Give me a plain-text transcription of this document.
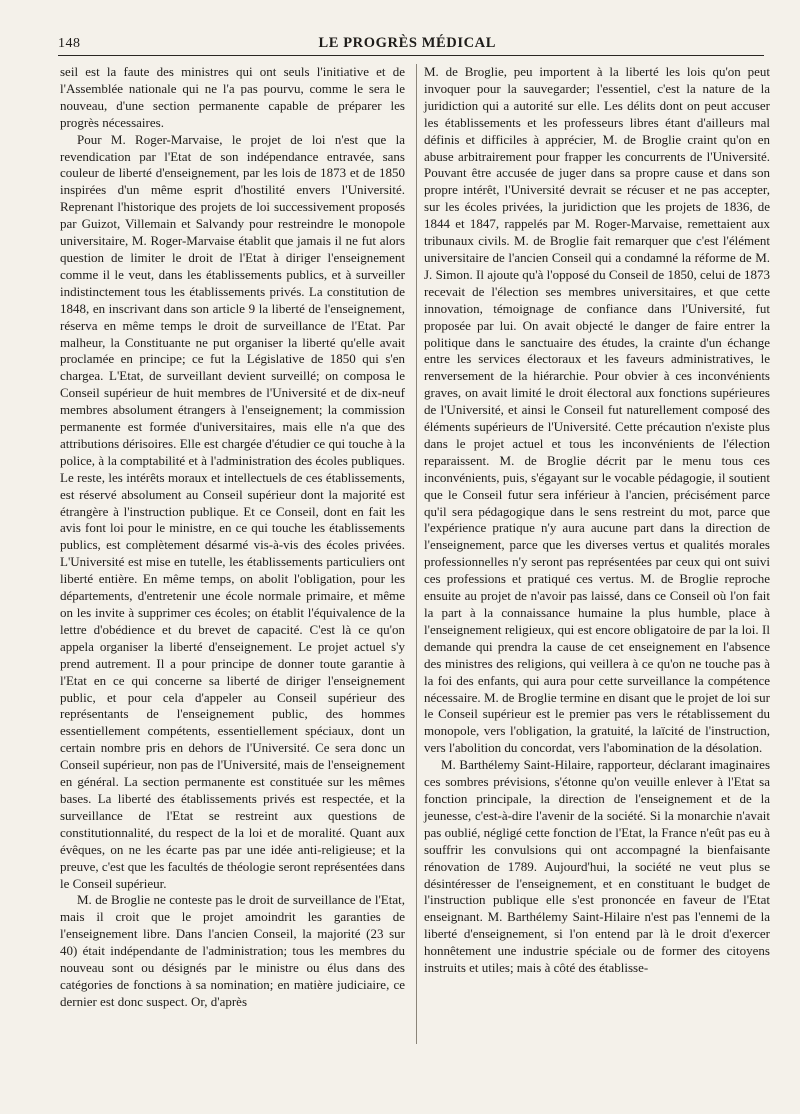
148	LE PROGRÈS MÉDICAL

seil est la faute des ministres qui ont seuls l'initiative et de l'Assemblée nationale qui ne l'a pas pourvu, comme le sera le nouveau, d'une section permanente capable de préparer les progrès nécessaires.

Pour M. Roger-Marvaise, le projet de loi n'est que la revendication par l'Etat de son indépendance entravée, sans couleur de liberté d'enseignement, par les lois de 1873 et de 1850 inspirées d'un même esprit d'hostilité envers l'Université. Reprenant l'historique des projets de loi successivement proposés par Guizot, Villemain et Salvandy pour restreindre le monopole universitaire, M. Roger-Marvaise établit que jamais il ne fut alors question de limiter le droit de l'Etat à diriger l'enseignement comme il le veut, dans les établissements publics, et à surveiller indistinctement tous les établissements privés. La constitution de 1848, en inscrivant dans son article 9 la liberté de l'enseignement, réserva en même temps le droit de surveillance de l'Etat. Par malheur, la Constituante ne put organiser la liberté qu'elle avait proclamée en principe; ce fut la Législative de 1850 qui s'en chargea. L'Etat, de surveillant devient surveillé; on composa le Conseil supérieur de huit membres de l'Université et de dix-neuf membres absolument étrangers à l'enseignement; la commission permanente est formée d'universitaires, mais elle n'a que des attributions dérisoires. Elle est chargée d'étudier ce qui touche à la police, à la comptabilité et à l'administration des écoles publiques. Le reste, les intérêts moraux et intellectuels de ces établissements, est réservé absolument au Conseil supérieur dont la majorité est étrangère à l'instruction publique. Et ce Conseil, dont en fait les avis font loi pour le ministre, en ce qui touche les établissements publics, est complètement désarmé vis-à-vis des écoles privées. L'Université est mise en tutelle, les établissements particuliers ont liberté entière. En même temps, on abolit l'obligation, pour les départements, d'entretenir une école normale primaire, et même on les invite à supprimer ces écoles; on établit l'équivalence de la lettre d'obédience et du brevet de capacité. C'est là ce qu'on appela organiser la liberté d'enseignement. Le projet actuel s'y prend autrement. Il a pour principe de donner toute garantie à l'Etat en ce qui concerne sa liberté de diriger l'enseignement public, et pour cela d'appeler au Conseil supérieur des représentants de l'enseignement public, des hommes essentiellement compétents, essentiellement spéciaux, dont un certain nombre pris en dehors de l'Université. Ce sera donc un Conseil supérieur, non pas de l'Université, mais de l'enseignement en général. La section permanente est constituée sur les mêmes bases. La liberté des établissements privés est respectée, et la surveillance de l'Etat se restreint aux questions de constitutionnalité, du respect de la loi et de moralité. Quant aux évêques, on ne les écarte pas par une idée anti-religieuse; et la preuve, c'est que les facultés de théologie seront représentées dans le Conseil supérieur.

M. de Broglie ne conteste pas le droit de surveillance de l'Etat, mais il croit que le projet amoindrit les garanties de l'enseignement libre. Dans l'ancien Conseil, la majorité (23 sur 40) était indépendante de l'administration; tous les membres du nouveau sont ou désignés par le ministre ou élus dans des catégories de fonctions à sa nomination; en matière judiciaire, ce dernier est donc suspect. Or, d'après

M. de Broglie, peu importent à la liberté les lois qu'on peut invoquer pour la sauvegarder; l'essentiel, c'est la nature de la juridiction qui a autorité sur elle. Les délits dont on peut accuser les établissements et les professeurs libres étant d'ailleurs mal définis et difficiles à apprécier, M. de Broglie craint qu'on en abuse arbitrairement pour frapper les concurrents de l'Université. Pouvant être accusée de juger dans sa propre cause et dans son propre intérêt, l'Université devrait se récuser et ne pas accepter, sur les écoles privées, la juridiction que les projets de 1836, de 1844 et 1847, rappelés par M. Roger-Marvaise, remettaient aux tribunaux civils. M. de Broglie fait remarquer que c'est l'élément universitaire de l'ancien Conseil qui a condamné la réforme de M. J. Simon. Il ajoute qu'à l'opposé du Conseil de 1850, celui de 1873 recevait de l'élection ses membres universitaires, et que cette innovation, témoignage de confiance dans l'Université, fut proposée par lui. On avait objecté le danger de faire entrer la politique dans le sanctuaire des études, la crainte d'un échange entre les services électoraux et les faveurs administratives, le renversement de la hiérarchie. Pour obvier à ces inconvénients graves, on avait limité le droit électoral aux fonctions supérieures de l'Université, et ainsi le Conseil fut naturellement composé des éléments supérieurs de l'Université. Cette précaution n'existe plus dans le projet actuel et tous les inconvénients de l'élection reparaissent. M. de Broglie décrit par le menu tous ces inconvénients, puis, s'égayant sur le vocable pédagogie, il soutient que le Conseil futur sera inférieur à l'ancien, précisément parce qu'il sera pédagogique dans le sens restreint du mot, parce que l'expérience pratique n'y aura aucune part dans la direction de l'enseignement, parce que les diverses vertus et qualités morales professionnelles n'y seront pas représentées par ceux qui ont suivi ces professions et pratiqué ces vertus. M. de Broglie reproche ensuite au projet de n'avoir pas laissé, dans ce Conseil où l'on fait la part à la connaissance humaine la plus humble, place à l'enseignement religieux, qui est encore obligatoire de par la loi. Il demande qui prendra la cause de cet enseignement en l'absence des ministres des religions, qui veillera à ce qu'on ne touche pas à la foi des enfants, qui aura pour cette surveillance la compétence nécessaire. M. de Broglie termine en disant que le projet de loi sur le Conseil supérieur est le premier pas vers le rétablissement du monopole, vers l'obligation, la gratuité, la laïcité de l'instruction, vers l'abolition du concordat, vers l'abomination de la désolation.

M. Barthélemy Saint-Hilaire, rapporteur, déclarant imaginaires ces sombres prévisions, s'étonne qu'on veuille enlever à l'Etat sa fonction principale, la direction de l'enseignement et de la jeunesse, c'est-à-dire l'avenir de la société. Si la monarchie n'avait pas oublié, négligé cette fonction de l'Etat, la France n'eût pas eu à souffrir les convulsions qui ont accompagné la bienfaisante rénovation de 1789. Aujourd'hui, la société ne veut plus se désintéresser de l'enseignement, et en constituant le budget de l'instruction publique elle s'est prononcée en faveur de l'Etat enseignant. M. Barthélemy Saint-Hilaire n'est pas l'ennemi de la liberté d'enseignement, si l'on entend par là le droit d'exercer honnêtement une industrie spéciale ou de former des citoyens instruits et utiles; mais à côté des établisse-
